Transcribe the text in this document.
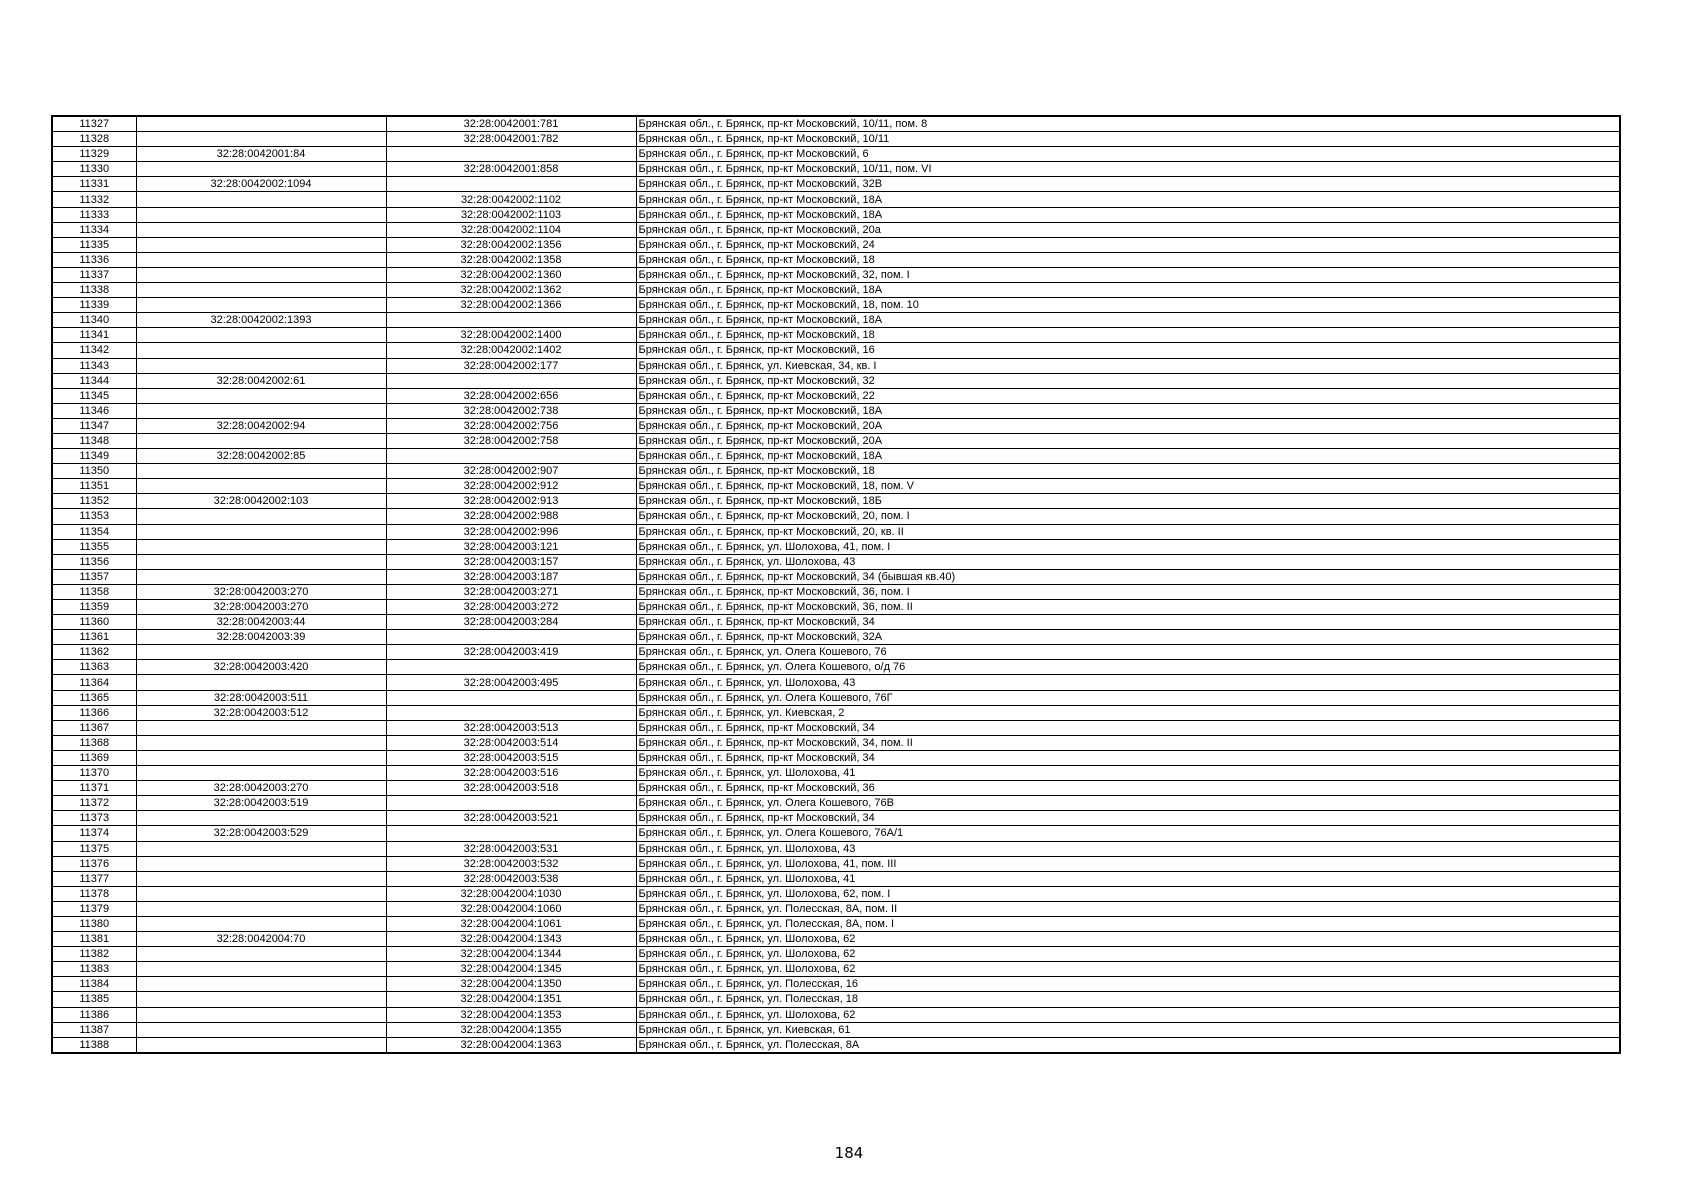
11327		32:28:0042001:781	Брянская обл., г. Брянск, пр-кт Московский, 10/11, пом. 8
11328		32:28:0042001:782	Брянская обл., г. Брянск, пр-кт Московский, 10/11
11329	32:28:0042001:84		Брянская обл., г. Брянск, пр-кт Московский, 6
11330		32:28:0042001:858	Брянская обл., г. Брянск, пр-кт Московский, 10/11, пом. VI
11331	32:28:0042002:1094		Брянская обл., г. Брянск, пр-кт Московский, 32В
11332		32:28:0042002:1102	Брянская обл., г. Брянск, пр-кт Московский, 18А
11333		32:28:0042002:1103	Брянская обл., г. Брянск, пр-кт Московский, 18А
11334		32:28:0042002:1104	Брянская обл., г. Брянск, пр-кт Московский, 20а
11335		32:28:0042002:1356	Брянская обл., г. Брянск, пр-кт Московский, 24
11336		32:28:0042002:1358	Брянская обл., г. Брянск, пр-кт Московский, 18
11337		32:28:0042002:1360	Брянская обл., г. Брянск, пр-кт Московский, 32, пом. I
11338		32:28:0042002:1362	Брянская обл., г. Брянск, пр-кт Московский, 18А
11339		32:28:0042002:1366	Брянская обл., г. Брянск, пр-кт Московский, 18, пом. 10
11340	32:28:0042002:1393		Брянская обл., г. Брянск, пр-кт Московский, 18А
11341		32:28:0042002:1400	Брянская обл., г. Брянск, пр-кт Московский, 18
11342		32:28:0042002:1402	Брянская обл., г. Брянск, пр-кт Московский, 16
11343		32:28:0042002:177	Брянская обл., г. Брянск, ул. Киевская, 34, кв. I
11344	32:28:0042002:61		Брянская обл., г. Брянск, пр-кт Московский, 32
11345		32:28:0042002:656	Брянская обл., г. Брянск, пр-кт Московский, 22
11346		32:28:0042002:738	Брянская обл., г. Брянск, пр-кт Московский, 18А
11347	32:28:0042002:94	32:28:0042002:756	Брянская обл., г. Брянск, пр-кт Московский, 20А
11348		32:28:0042002:758	Брянская обл., г. Брянск, пр-кт Московский, 20А
11349	32:28:0042002:85		Брянская обл., г. Брянск, пр-кт Московский, 18А
11350		32:28:0042002:907	Брянская обл., г. Брянск, пр-кт Московский, 18
11351		32:28:0042002:912	Брянская обл., г. Брянск, пр-кт Московский, 18, пом. V
11352	32:28:0042002:103	32:28:0042002:913	Брянская обл., г. Брянск, пр-кт Московский, 18Б
11353		32:28:0042002:988	Брянская обл., г. Брянск, пр-кт Московский, 20, пом. I
11354		32:28:0042002:996	Брянская обл., г. Брянск, пр-кт Московский, 20, кв. II
11355		32:28:0042003:121	Брянская обл., г. Брянск, ул. Шолохова, 41, пом. I
11356		32:28:0042003:157	Брянская обл., г. Брянск, ул. Шолохова, 43
11357		32:28:0042003:187	Брянская обл., г. Брянск, пр-кт Московский, 34 (бывшая кв.40)
11358	32:28:0042003:270	32:28:0042003:271	Брянская обл., г. Брянск, пр-кт Московский, 36, пом. I
11359	32:28:0042003:270	32:28:0042003:272	Брянская обл., г. Брянск, пр-кт Московский, 36, пом. II
11360	32:28:0042003:44	32:28:0042003:284	Брянская обл., г. Брянск, пр-кт Московский, 34
11361	32:28:0042003:39		Брянская обл., г. Брянск, пр-кт Московский, 32А
11362		32:28:0042003:419	Брянская обл., г. Брянск, ул. Олега Кошевого, 76
11363	32:28:0042003:420		Брянская обл., г. Брянск, ул. Олега Кошевого, о/д 76
11364		32:28:0042003:495	Брянская обл., г. Брянск, ул. Шолохова, 43
11365	32:28:0042003:511		Брянская обл., г. Брянск, ул. Олега Кошевого, 76Г
11366	32:28:0042003:512		Брянская обл., г. Брянск, ул. Киевская, 2
11367		32:28:0042003:513	Брянская обл., г. Брянск, пр-кт Московский, 34
11368		32:28:0042003:514	Брянская обл., г. Брянск, пр-кт Московский, 34, пом. II
11369		32:28:0042003:515	Брянская обл., г. Брянск, пр-кт Московский, 34
11370		32:28:0042003:516	Брянская обл., г. Брянск, ул. Шолохова, 41
11371	32:28:0042003:270	32:28:0042003:518	Брянская обл., г. Брянск, пр-кт Московский, 36
11372	32:28:0042003:519		Брянская обл., г. Брянск, ул. Олега Кошевого, 76В
11373		32:28:0042003:521	Брянская обл., г. Брянск, пр-кт Московский, 34
11374	32:28:0042003:529		Брянская обл., г. Брянск, ул. Олега Кошевого, 76А/1
11375		32:28:0042003:531	Брянская обл., г. Брянск, ул. Шолохова, 43
11376		32:28:0042003:532	Брянская обл., г. Брянск, ул. Шолохова, 41, пом. III
11377		32:28:0042003:538	Брянская обл., г. Брянск, ул. Шолохова, 41
11378		32:28:0042004:1030	Брянская обл., г. Брянск, ул. Шолохова, 62, пом. I
11379		32:28:0042004:1060	Брянская обл., г. Брянск, ул. Полесская, 8А, пом. II
11380		32:28:0042004:1061	Брянская обл., г. Брянск, ул. Полесская, 8А, пом. I
11381	32:28:0042004:70	32:28:0042004:1343	Брянская обл., г. Брянск, ул. Шолохова, 62
11382		32:28:0042004:1344	Брянская обл., г. Брянск, ул. Шолохова, 62
11383		32:28:0042004:1345	Брянская обл., г. Брянск, ул. Шолохова, 62
11384		32:28:0042004:1350	Брянская обл., г. Брянск, ул. Полесская, 16
11385		32:28:0042004:1351	Брянская обл., г. Брянск, ул. Полесская, 18
11386		32:28:0042004:1353	Брянская обл., г. Брянск, ул. Шолохова, 62
11387		32:28:0042004:1355	Брянская обл., г. Брянск, ул. Киевская, 61
11388		32:28:0042004:1363	Брянская обл., г. Брянск, ул. Полесская, 8А
184
